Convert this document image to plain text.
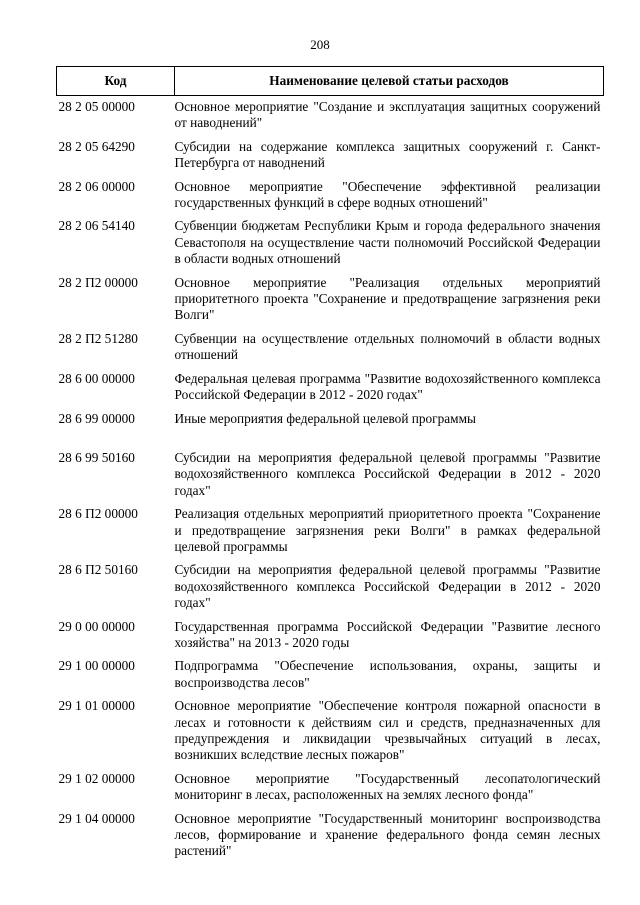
208
Код	Наименование целевой статьи расходов
28 2 05 00000	Основное мероприятие "Создание и эксплуатация защитных сооружений от наводнений"
28 2 05 64290	Субсидии на содержание комплекса защитных сооружений г. Санкт-Петербурга от наводнений
28 2 06 00000	Основное мероприятие "Обеспечение эффективной реализации государственных функций в сфере водных отношений"
28 2 06 54140	Субвенции бюджетам Республики Крым и города федерального значения Севастополя на осуществление части полномочий Российской Федерации в области водных отношений
28 2 П2 00000	Основное мероприятие "Реализация отдельных мероприятий приоритетного проекта "Сохранение и предотвращение загрязнения реки Волги"
28 2 П2 51280	Субвенции на осуществление отдельных полномочий в области водных отношений
28 6 00 00000	Федеральная целевая программа "Развитие водохозяйственного комплекса Российской Федерации в 2012 - 2020 годах"
28 6 99 00000	Иные мероприятия федеральной целевой программы
28 6 99 50160	Субсидии на мероприятия федеральной целевой программы "Развитие водохозяйственного комплекса Российской Федерации в 2012 - 2020 годах"
28 6 П2 00000	Реализация отдельных мероприятий приоритетного проекта "Сохранение и предотвращение загрязнения реки Волги" в рамках федеральной целевой программы
28 6 П2 50160	Субсидии на мероприятия федеральной целевой программы "Развитие водохозяйственного комплекса Российской Федерации в 2012 - 2020 годах"
29 0 00 00000	Государственная программа Российской Федерации "Развитие лесного хозяйства" на 2013 - 2020 годы
29 1 00 00000	Подпрограмма "Обеспечение использования, охраны, защиты и воспроизводства лесов"
29 1 01 00000	Основное мероприятие "Обеспечение контроля пожарной опасности в лесах и готовности к действиям сил и средств, предназначенных для предупреждения и ликвидации чрезвычайных ситуаций в лесах, возникших вследствие лесных пожаров"
29 1 02 00000	Основное мероприятие "Государственный лесопатологический мониторинг в лесах, расположенных на землях лесного фонда"
29 1 04 00000	Основное мероприятие "Государственный мониторинг воспроизводства лесов, формирование и хранение федерального фонда семян лесных растений"
